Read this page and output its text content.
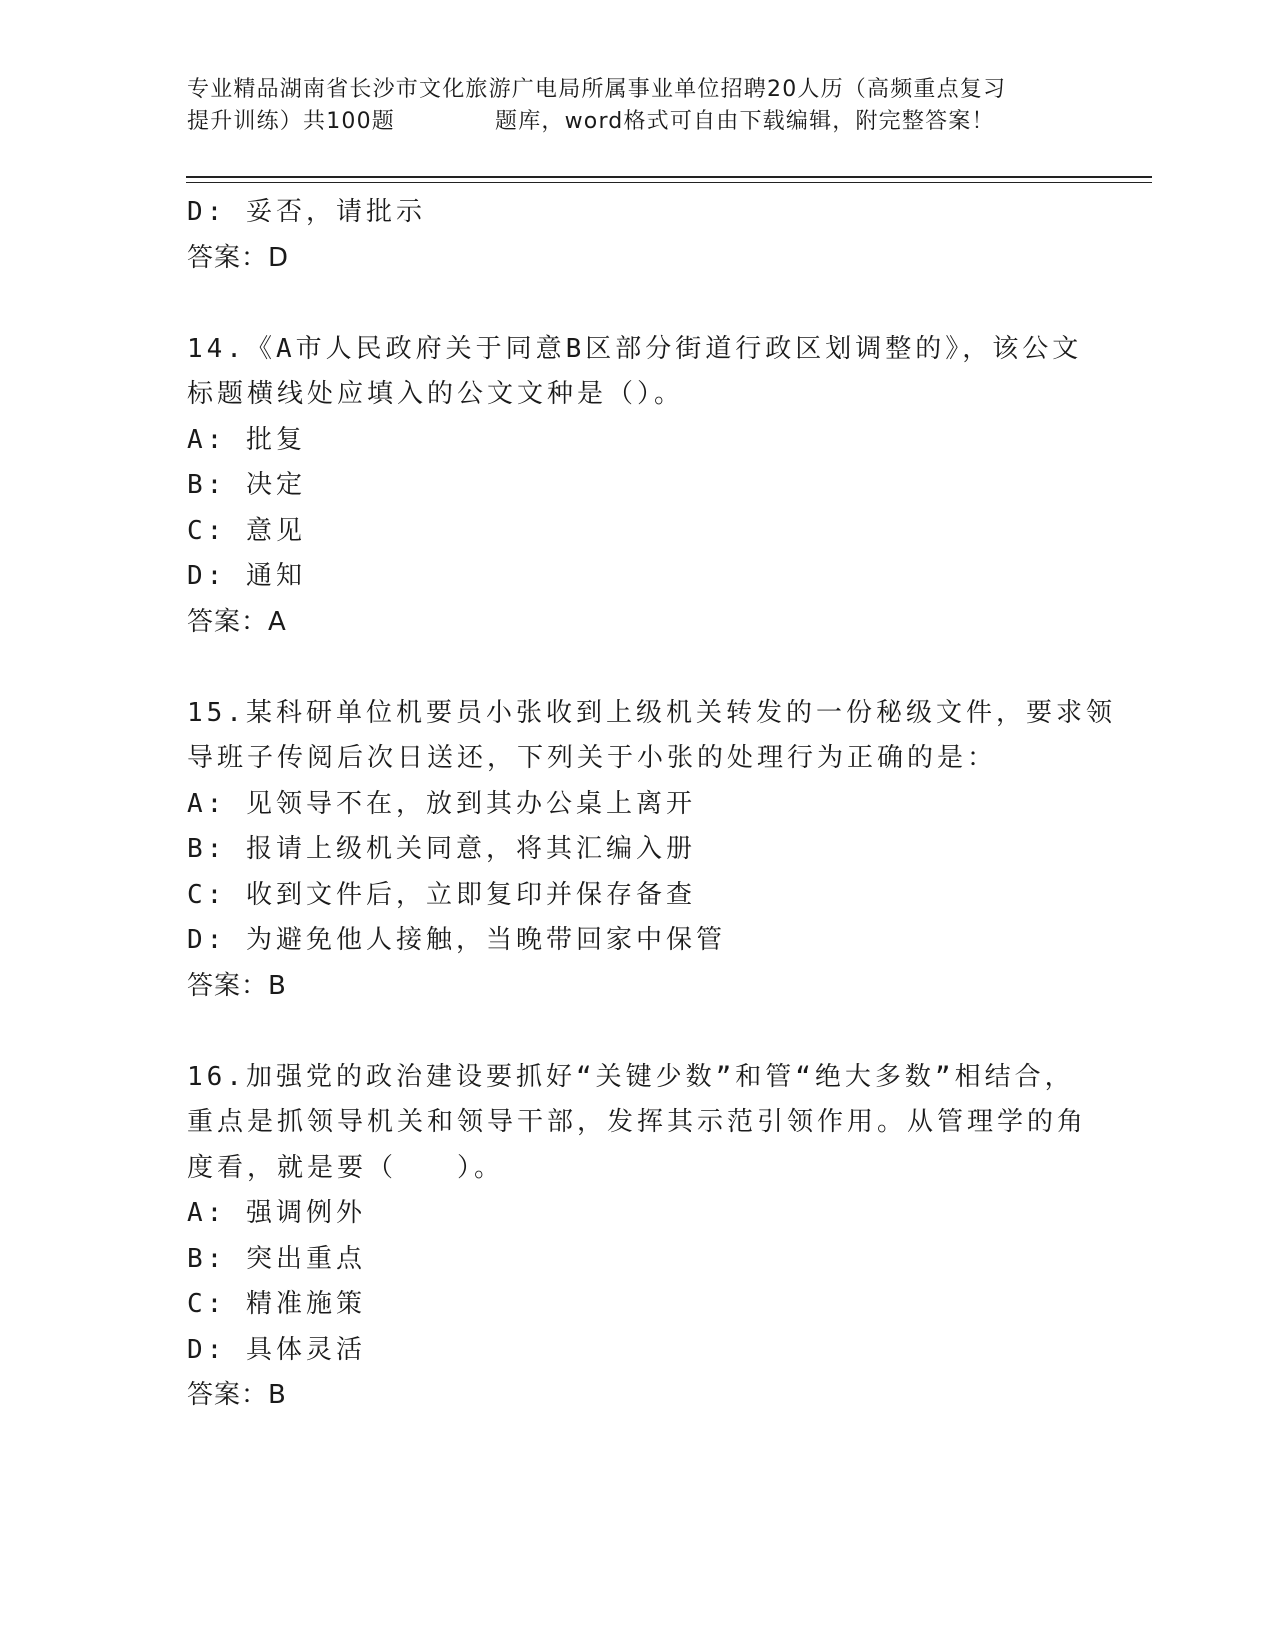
专业精品湖南省长沙市文化旅游广电局所属事业单位招聘20人历（高频重点复习
提升训练）共100题	题库，word格式可自由下载编辑，附完整答案！
D: 妥否，请批示
答案：D
14.《A市人民政府关于同意B区部分街道行政区划调整的》，该公文
标题横线处应填入的公文文种是（）。
A: 批复
B: 决定
C: 意见
D: 通知
答案：A
15.某科研单位机要员小张收到上级机关转发的一份秘级文件，要求领
导班子传阅后次日送还，下列关于小张的处理行为正确的是：
A: 见领导不在，放到其办公桌上离开
B: 报请上级机关同意，将其汇编入册
C: 收到文件后，立即复印并保存备查
D: 为避免他人接触，当晚带回家中保管
答案：B
16.加强党的政治建设要抓好“关键少数”和管“绝大多数”相结合，
重点是抓领导机关和领导干部，发挥其示范引领作用。从管理学的角
度看，就是要（　　）。
A: 强调例外
B: 突出重点
C: 精准施策
D: 具体灵活
答案：B
